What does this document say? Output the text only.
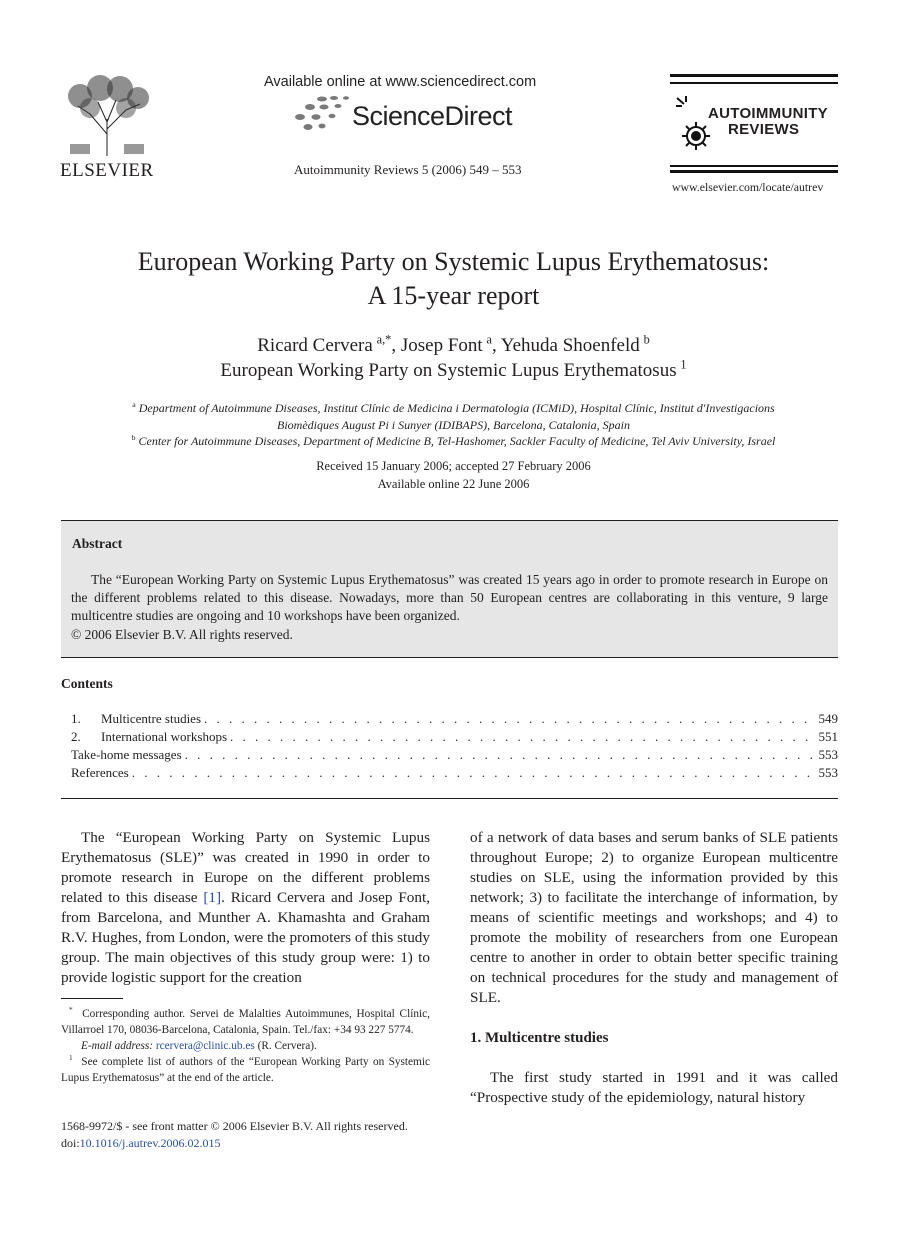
ELSEVIER
Available online at www.sciencedirect.com
ScienceDirect
Autoimmunity Reviews 5 (2006) 549 – 553
AUTOIMMUNITY
REVIEWS
www.elsevier.com/locate/autrev
European Working Party on Systemic Lupus Erythematosus:
A 15-year report
Ricard Cervera  $^{a,*}$, Josep Font  $^a$, Yehuda Shoenfeld  $^b$
European Working Party on Systemic Lupus Erythematosus  $^1$
$^a$ Department of Autoimmune Diseases, Institut Clínic de Medicina i Dermatologia (ICMiD), Hospital Clínic, Institut d'Investigacions
Biomèdiques August Pi i Sunyer (IDIBAPS), Barcelona, Catalonia, Spain
$^b$ Center for Autoimmune Diseases, Department of Medicine B, Tel-Hashomer, Sackler Faculty of Medicine, Tel Aviv University, Israel
Received 15 January 2006; accepted 27 February 2006
Available online 22 June 2006
Abstract
The “European Working Party on Systemic Lupus Erythematosus” was created 15 years ago in order to promote research in Europe on the different problems related to this disease. Nowadays, more than 50 European centres are collaborating in this venture, 9 large multicentre studies are ongoing and 10 workshops have been organized.
© 2006 Elsevier B.V. All rights reserved.
Contents
1.	Multicentre studies . . .	549
2.	International workshops . . .	551
Take-home messages . . .	553
References . . .	553

The “European Working Party on Systemic Lupus Erythematosus (SLE)” was created in 1990 in order to promote research in Europe on the different problems related to this disease [1]. Ricard Cervera and Josep Font, from Barcelona, and Munther A. Khamashta and Graham R.V. Hughes, from London, were the promoters of this study group. The main objectives of this study group were: 1) to provide logistic support for the creation

* Corresponding author. Servei de Malalties Autoimmunes, Hospital Clínic, Villarroel 170, 08036-Barcelona, Catalonia, Spain. Tel./fax: +34 93 227 5774.
E-mail address: rcervera@clinic.ub.es (R. Cervera).
$^1$ See complete list of authors of the “European Working Party on Systemic Lupus Erythematosus” at the end of the article.
1568-9972/$ - see front matter © 2006 Elsevier B.V. All rights reserved.
doi:10.1016/j.autrev.2006.02.015

of a network of data bases and serum banks of SLE patients throughout Europe; 2) to organize European multicentre studies on SLE, using the information provided by this network; 3) to facilitate the interchange of information, by means of scientific meetings and workshops; and 4) to promote the mobility of researchers from one European centre to another in order to obtain better specific training on technical procedures for the study and management of SLE.

1. Multicentre studies

The first study started in 1991 and it was called “Prospective study of the epidemiology, natural history
